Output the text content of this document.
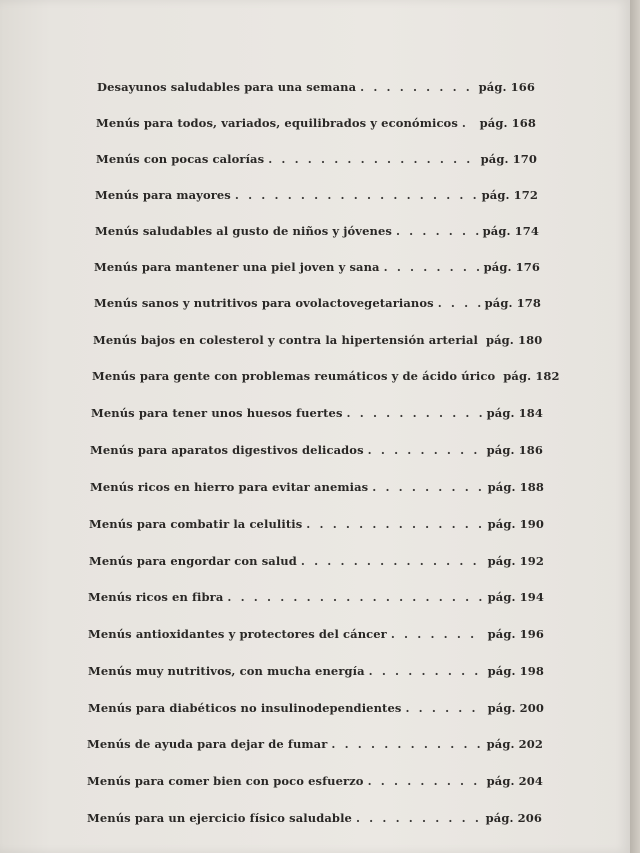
Desayunos saludables para una semana . . .	pág. 166
Menús para todos, variados, equilibrados y económicos . . . pág. 168
Menús con pocas calorías . . .	pág. 170
Menús para mayores . . .	pág. 172
Menús saludables al gusto de niños y jóvenes . . .	pág. 174
Menús para mantener una piel joven y sana . . .	pág. 176
Menús sanos y nutritivos para ovolactovegetarianos . . .	pág. 178
Menús bajos en colesterol y contra la hipertensión arterial pág. 180
Menús para gente con problemas reumáticos y de ácido úrico pág. 182
Menús para tener unos huesos fuertes . . .	pág. 184
Menús para aparatos digestivos delicados . . .	pág. 186
Menús ricos en hierro para evitar anemias . . .	pág. 188
Menús para combatir la celulitis . . .	pág. 190
Menús para engordar con salud . . .	pág. 192
Menús ricos en fibra . . .	pág. 194
Menús antioxidantes y protectores del cáncer . . .	pág. 196
Menús muy nutritivos, con mucha energía . . .	pág. 198
Menús para diabéticos no insulinodependientes . . .	pág. 200
Menús de ayuda para dejar de fumar . . .	pág. 202
Menús para comer bien con poco esfuerzo . . .	pág. 204
Menús para un ejercicio físico saludable . . .	pág. 206
